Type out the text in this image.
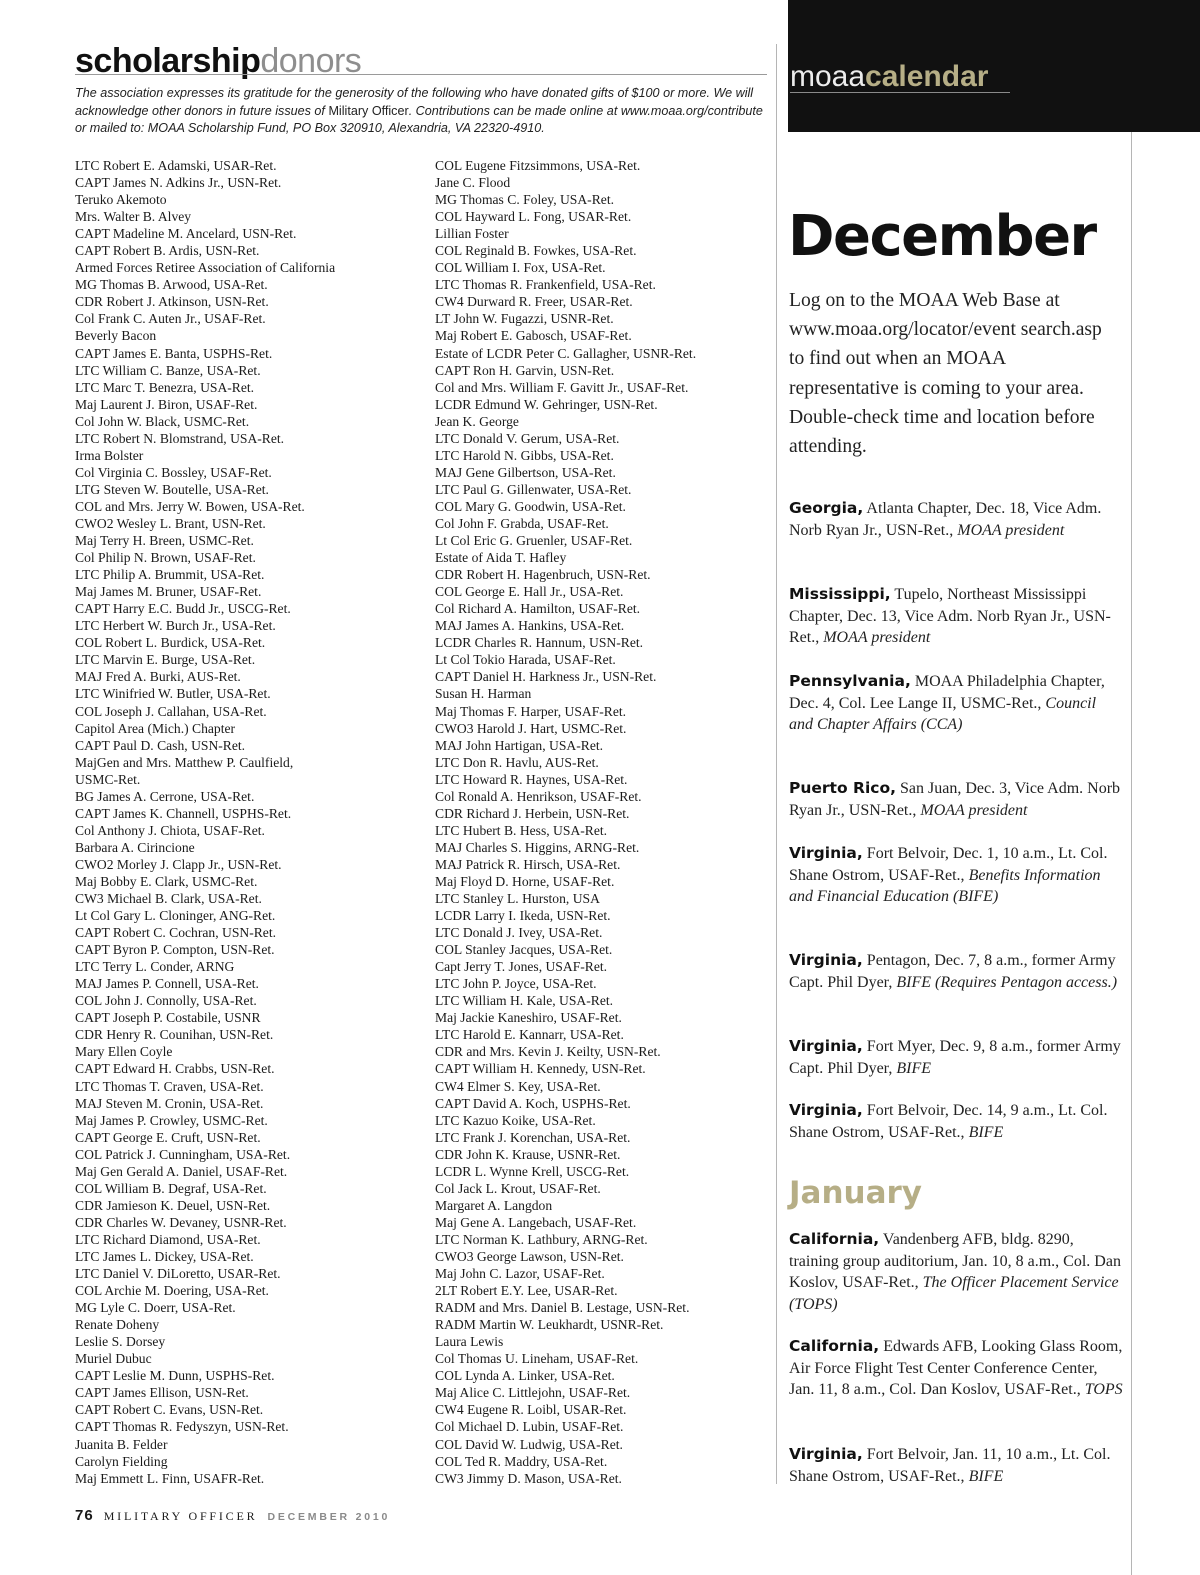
scholarshipdonors
The association expresses its gratitude for the generosity of the following who have donated gifts of $100 or more. We will acknowledge other donors in future issues of Military Officer. Contributions can be made online at www.moaa.org/contribute or mailed to: MOAA Scholarship Fund, PO Box 320910, Alexandria, VA 22320-4910.
LTC Robert E. Adamski, USAR-Ret.
CAPT James N. Adkins Jr., USN-Ret.
Teruko Akemoto
Mrs. Walter B. Alvey
CAPT Madeline M. Ancelard, USN-Ret.
CAPT Robert B. Ardis, USN-Ret.
Armed Forces Retiree Association of California
MG Thomas B. Arwood, USA-Ret.
CDR Robert J. Atkinson, USN-Ret.
Col Frank C. Auten Jr., USAF-Ret.
Beverly Bacon
CAPT James E. Banta, USPHS-Ret.
LTC William C. Banze, USA-Ret.
LTC Marc T. Benezra, USA-Ret.
Maj Laurent J. Biron, USAF-Ret.
Col John W. Black, USMC-Ret.
LTC Robert N. Blomstrand, USA-Ret.
Irma Bolster
Col Virginia C. Bossley, USAF-Ret.
LTG Steven W. Boutelle, USA-Ret.
COL and Mrs. Jerry W. Bowen, USA-Ret.
CWO2 Wesley L. Brant, USN-Ret.
Maj Terry H. Breen, USMC-Ret.
Col Philip N. Brown, USAF-Ret.
LTC Philip A. Brummit, USA-Ret.
Maj James M. Bruner, USAF-Ret.
CAPT Harry E.C. Budd Jr., USCG-Ret.
LTC Herbert W. Burch Jr., USA-Ret.
COL Robert L. Burdick, USA-Ret.
LTC Marvin E. Burge, USA-Ret.
MAJ Fred A. Burki, AUS-Ret.
LTC Winifried W. Butler, USA-Ret.
COL Joseph J. Callahan, USA-Ret.
Capitol Area (Mich.) Chapter
CAPT Paul D. Cash, USN-Ret.
MajGen and Mrs. Matthew P. Caulfield,
USMC-Ret.
BG James A. Cerrone, USA-Ret.
CAPT James K. Channell, USPHS-Ret.
Col Anthony J. Chiota, USAF-Ret.
Barbara A. Cirincione
CWO2 Morley J. Clapp Jr., USN-Ret.
Maj Bobby E. Clark, USMC-Ret.
CW3 Michael B. Clark, USA-Ret.
Lt Col Gary L. Cloninger, ANG-Ret.
CAPT Robert C. Cochran, USN-Ret.
CAPT Byron P. Compton, USN-Ret.
LTC Terry L. Conder, ARNG
MAJ James P. Connell, USA-Ret.
COL John J. Connolly, USA-Ret.
CAPT Joseph P. Costabile, USNR
CDR Henry R. Counihan, USN-Ret.
Mary Ellen Coyle
CAPT Edward H. Crabbs, USN-Ret.
LTC Thomas T. Craven, USA-Ret.
MAJ Steven M. Cronin, USA-Ret.
Maj James P. Crowley, USMC-Ret.
CAPT George E. Cruft, USN-Ret.
COL Patrick J. Cunningham, USA-Ret.
Maj Gen Gerald A. Daniel, USAF-Ret.
COL William B. Degraf, USA-Ret.
CDR Jamieson K. Deuel, USN-Ret.
CDR Charles W. Devaney, USNR-Ret.
LTC Richard Diamond, USA-Ret.
LTC James L. Dickey, USA-Ret.
LTC Daniel V. DiLoretto, USAR-Ret.
COL Archie M. Doering, USA-Ret.
MG Lyle C. Doerr, USA-Ret.
Renate Doheny
Leslie S. Dorsey
Muriel Dubuc
CAPT Leslie M. Dunn, USPHS-Ret.
CAPT James Ellison, USN-Ret.
CAPT Robert C. Evans, USN-Ret.
CAPT Thomas R. Fedyszyn, USN-Ret.
Juanita B. Felder
Carolyn Fielding
Maj Emmett L. Finn, USAFR-Ret.
COL Eugene Fitzsimmons, USA-Ret.
Jane C. Flood
MG Thomas C. Foley, USA-Ret.
COL Hayward L. Fong, USAR-Ret.
Lillian Foster
COL Reginald B. Fowkes, USA-Ret.
COL William I. Fox, USA-Ret.
LTC Thomas R. Frankenfield, USA-Ret.
CW4 Durward R. Freer, USAR-Ret.
LT John W. Fugazzi, USNR-Ret.
Maj Robert E. Gabosch, USAF-Ret.
Estate of LCDR Peter C. Gallagher, USNR-Ret.
CAPT Ron H. Garvin, USN-Ret.
Col and Mrs. William F. Gavitt Jr., USAF-Ret.
LCDR Edmund W. Gehringer, USN-Ret.
Jean K. George
LTC Donald V. Gerum, USA-Ret.
LTC Harold N. Gibbs, USA-Ret.
MAJ Gene Gilbertson, USA-Ret.
LTC Paul G. Gillenwater, USA-Ret.
COL Mary G. Goodwin, USA-Ret.
Col John F. Grabda, USAF-Ret.
Lt Col Eric G. Gruenler, USAF-Ret.
Estate of Aida T. Hafley
CDR Robert H. Hagenbruch, USN-Ret.
COL George E. Hall Jr., USA-Ret.
Col Richard A. Hamilton, USAF-Ret.
MAJ James A. Hankins, USA-Ret.
LCDR Charles R. Hannum, USN-Ret.
Lt Col Tokio Harada, USAF-Ret.
CAPT Daniel H. Harkness Jr., USN-Ret.
Susan H. Harman
Maj Thomas F. Harper, USAF-Ret.
CWO3 Harold J. Hart, USMC-Ret.
MAJ John Hartigan, USA-Ret.
LTC Don R. Havlu, AUS-Ret.
LTC Howard R. Haynes, USA-Ret.
Col Ronald A. Henrikson, USAF-Ret.
CDR Richard J. Herbein, USN-Ret.
LTC Hubert B. Hess, USA-Ret.
MAJ Charles S. Higgins, ARNG-Ret.
MAJ Patrick R. Hirsch, USA-Ret.
Maj Floyd D. Horne, USAF-Ret.
LTC Stanley L. Hurston, USA
LCDR Larry I. Ikeda, USN-Ret.
LTC Donald J. Ivey, USA-Ret.
COL Stanley Jacques, USA-Ret.
Capt Jerry T. Jones, USAF-Ret.
LTC John P. Joyce, USA-Ret.
LTC William H. Kale, USA-Ret.
Maj Jackie Kaneshiro, USAF-Ret.
LTC Harold E. Kannarr, USA-Ret.
CDR and Mrs. Kevin J. Keilty, USN-Ret.
CAPT William H. Kennedy, USN-Ret.
CW4 Elmer S. Key, USA-Ret.
CAPT David A. Koch, USPHS-Ret.
LTC Kazuo Koike, USA-Ret.
LTC Frank J. Korenchan, USA-Ret.
CDR John K. Krause, USNR-Ret.
LCDR L. Wynne Krell, USCG-Ret.
Col Jack L. Krout, USAF-Ret.
Margaret A. Langdon
Maj Gene A. Langebach, USAF-Ret.
LTC Norman K. Lathbury, ARNG-Ret.
CWO3 George Lawson, USN-Ret.
Maj John C. Lazor, USAF-Ret.
2LT Robert E.Y. Lee, USAR-Ret.
RADM and Mrs. Daniel B. Lestage, USN-Ret.
RADM Martin W. Leukhardt, USNR-Ret.
Laura Lewis
Col Thomas U. Lineham, USAF-Ret.
COL Lynda A. Linker, USA-Ret.
Maj Alice C. Littlejohn, USAF-Ret.
CW4 Eugene R. Loibl, USAR-Ret.
Col Michael D. Lubin, USAF-Ret.
COL David W. Ludwig, USA-Ret.
COL Ted R. Maddry, USA-Ret.
CW3 Jimmy D. Mason, USA-Ret.
76 MILITARY OFFICER DECEMBER 2010
moaacalendar
December
Log on to the MOAA Web Base at www.moaa.org/locator/event search.asp to find out when an MOAA representative is coming to your area. Double-check time and location before attending.
Georgia, Atlanta Chapter, Dec. 18, Vice Adm. Norb Ryan Jr., USN-Ret., MOAA president
Mississippi, Tupelo, Northeast Mississippi Chapter, Dec. 13, Vice Adm. Norb Ryan Jr., USN-Ret., MOAA president
Pennsylvania, MOAA Philadelphia Chapter, Dec. 4, Col. Lee Lange II, USMC-Ret., Council and Chapter Affairs (CCA)
Puerto Rico, San Juan, Dec. 3, Vice Adm. Norb Ryan Jr., USN-Ret., MOAA president
Virginia, Fort Belvoir, Dec. 1, 10 a.m., Lt. Col. Shane Ostrom, USAF-Ret., Benefits Information and Financial Education (BIFE)
Virginia, Pentagon, Dec. 7, 8 a.m., former Army Capt. Phil Dyer, BIFE (Requires Pentagon access.)
Virginia, Fort Myer, Dec. 9, 8 a.m., former Army Capt. Phil Dyer, BIFE
Virginia, Fort Belvoir, Dec. 14, 9 a.m., Lt. Col. Shane Ostrom, USAF-Ret., BIFE
January
California, Vandenberg AFB, bldg. 8290, training group auditorium, Jan. 10, 8 a.m., Col. Dan Koslov, USAF-Ret., The Officer Placement Service (TOPS)
California, Edwards AFB, Looking Glass Room, Air Force Flight Test Center Conference Center, Jan. 11, 8 a.m., Col. Dan Koslov, USAF-Ret., TOPS
Virginia, Fort Belvoir, Jan. 11, 10 a.m., Lt. Col. Shane Ostrom, USAF-Ret., BIFE
